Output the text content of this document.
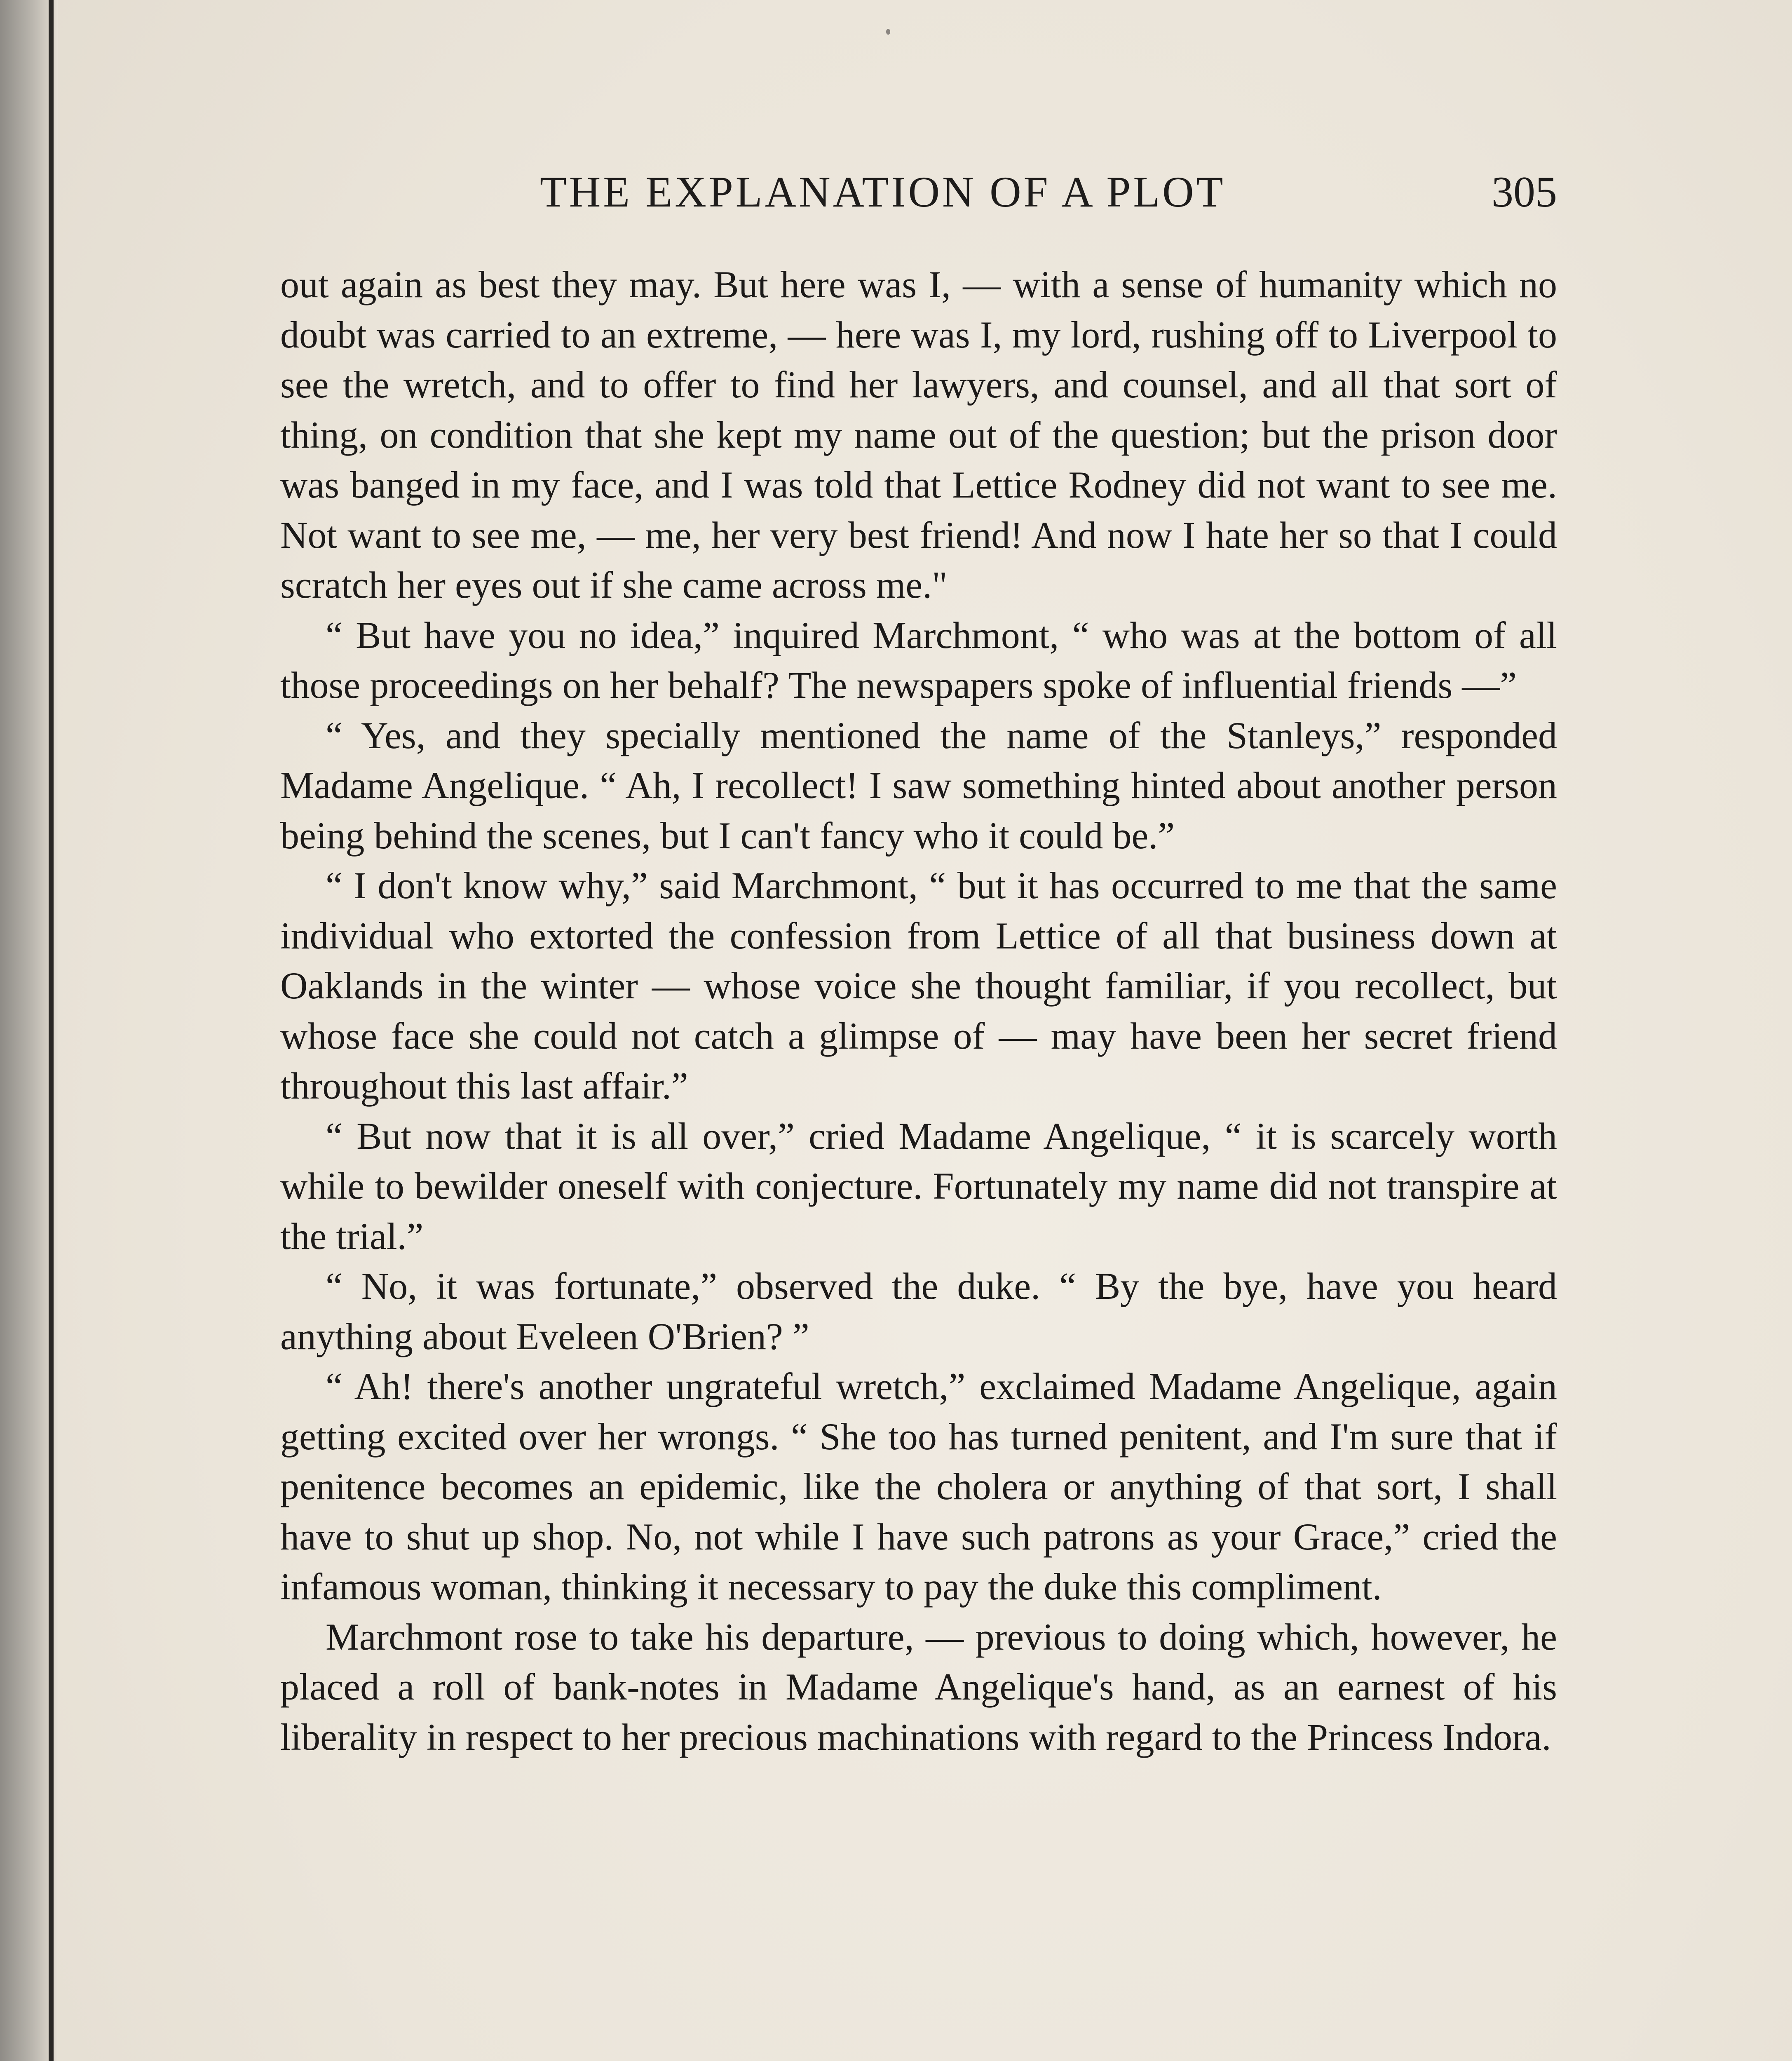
THE EXPLANATION OF A PLOT	305

out again as best they may. But here was I, — with a sense of humanity which no doubt was carried to an extreme, — here was I, my lord, rushing off to Liverpool to see the wretch, and to offer to find her lawyers, and counsel, and all that sort of thing, on condition that she kept my name out of the question; but the prison door was banged in my face, and I was told that Lettice Rodney did not want to see me. Not want to see me, — me, her very best friend! And now I hate her so that I could scratch her eyes out if she came across me."

“ But have you no idea,” inquired Marchmont, “ who was at the bottom of all those proceedings on her behalf? The newspapers spoke of influential friends —”

“ Yes, and they specially mentioned the name of the Stanleys,” responded Madame Angelique. “ Ah, I recollect! I saw something hinted about another person being behind the scenes, but I can't fancy who it could be.”

“ I don't know why,” said Marchmont, “ but it has occurred to me that the same individual who extorted the confession from Lettice of all that business down at Oaklands in the winter — whose voice she thought familiar, if you recollect, but whose face she could not catch a glimpse of — may have been her secret friend throughout this last affair.”

“ But now that it is all over,” cried Madame Angelique, “ it is scarcely worth while to bewilder oneself with conjecture. Fortunately my name did not transpire at the trial.”

“ No, it was fortunate,” observed the duke. “ By the bye, have you heard anything about Eveleen O'Brien? ”

“ Ah! there's another ungrateful wretch,” exclaimed Madame Angelique, again getting excited over her wrongs. “ She too has turned penitent, and I'm sure that if penitence becomes an epidemic, like the cholera or anything of that sort, I shall have to shut up shop. No, not while I have such patrons as your Grace,” cried the infamous woman, thinking it necessary to pay the duke this compliment.

Marchmont rose to take his departure, — previous to doing which, however, he placed a roll of bank-notes in Madame Angelique's hand, as an earnest of his liberality in respect to her precious machinations with regard to the Princess Indora.
